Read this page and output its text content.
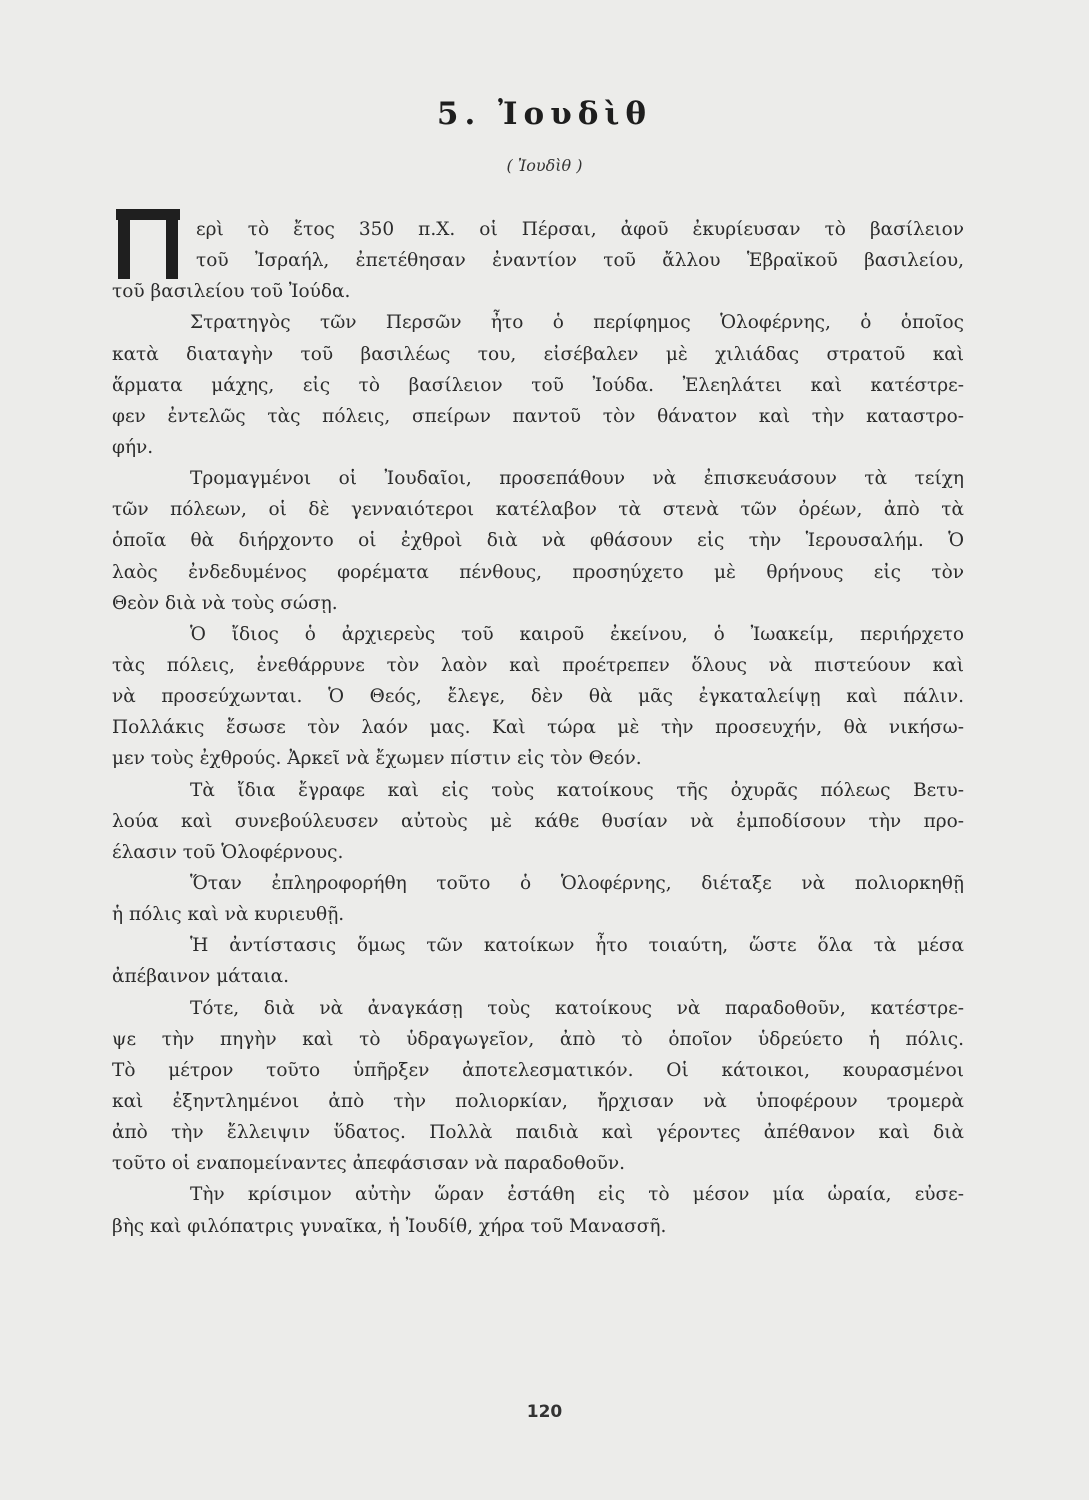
5. Ἰουδὶθ
( Ἰουδὶθ )
Π
ερὶ τὸ ἔτος 350 π.Χ. οἱ Πέρσαι, ἀφοῦ ἐκυρίευσαν τὸ βασίλειον
τοῦ Ἰσραήλ, ἐπετέθησαν ἐναντίον τοῦ ἄλλου Ἑβραϊκοῦ βασιλείου,
τοῦ βασιλείου τοῦ Ἰούδα.
Στρατηγὸς τῶν Περσῶν ἦτο ὁ περίφημος Ὁλοφέρνης, ὁ ὁποῖος
κατὰ διαταγὴν τοῦ βασιλέως του, εἰσέβαλεν μὲ χιλιάδας στρατοῦ καὶ
ἅρματα μάχης, εἰς τὸ βασίλειον τοῦ Ἰούδα. Ἐλεηλάτει καὶ κατέστρε-
φεν ἐντελῶς τὰς πόλεις, σπείρων παντοῦ τὸν θάνατον καὶ τὴν καταστρο-
φήν.
Τρομαγμένοι οἱ Ἰουδαῖοι, προσεπάθουν νὰ ἐπισκευάσουν τὰ τείχη
τῶν πόλεων, οἱ δὲ γενναιότεροι κατέλαβον τὰ στενὰ τῶν ὀρέων, ἀπὸ τὰ
ὁποῖα θὰ διήρχοντο οἱ ἐχθροὶ διὰ νὰ φθάσουν εἰς τὴν Ἱερουσαλήμ. Ὁ
λαὸς ἐνδεδυμένος φορέματα πένθους, προσηύχετο μὲ θρήνους εἰς τὸν
Θεὸν διὰ νὰ τοὺς σώσῃ.
Ὁ ἴδιος ὁ ἀρχιερεὺς τοῦ καιροῦ ἐκείνου, ὁ Ἰωακείμ, περιήρχετο
τὰς πόλεις, ἐνεθάρρυνε τὸν λαὸν καὶ προέτρεπεν ὅλους νὰ πιστεύουν καὶ
νὰ προσεύχωνται. Ὁ Θεός, ἔλεγε, δὲν θὰ μᾶς ἐγκαταλείψῃ καὶ πάλιν.
Πολλάκις ἔσωσε τὸν λαόν μας. Καὶ τώρα μὲ τὴν προσευχήν, θὰ νικήσω-
μεν τοὺς ἐχθρούς. Ἀρκεῖ νὰ ἔχωμεν πίστιν εἰς τὸν Θεόν.
Τὰ ἴδια ἔγραφε καὶ εἰς τοὺς κατοίκους τῆς ὀχυρᾶς πόλεως Βετυ-
λούα καὶ συνεβούλευσεν αὐτοὺς μὲ κάθε θυσίαν νὰ ἐμποδίσουν τὴν προ-
έλασιν τοῦ Ὁλοφέρνους.
Ὅταν ἐπληροφορήθη τοῦτο ὁ Ὁλοφέρνης, διέταξε νὰ πολιορκηθῇ
ἡ πόλις καὶ νὰ κυριευθῇ.
Ἡ ἀντίστασις ὅμως τῶν κατοίκων ἦτο τοιαύτη, ὥστε ὅλα τὰ μέσα
ἀπέβαινον μάταια.
Τότε, διὰ νὰ ἀναγκάσῃ τοὺς κατοίκους νὰ παραδοθοῦν, κατέστρε-
ψε τὴν πηγὴν καὶ τὸ ὑδραγωγεῖον, ἀπὸ τὸ ὁποῖον ὑδρεύετο ἡ πόλις.
Τὸ μέτρον τοῦτο ὑπῆρξεν ἀποτελεσματικόν. Οἱ κάτοικοι, κουρασμένοι
καὶ ἐξηντλημένοι ἀπὸ τὴν πολιορκίαν, ἤρχισαν νὰ ὑποφέρουν τρομερὰ
ἀπὸ τὴν ἔλλειψιν ὕδατος. Πολλὰ παιδιὰ καὶ γέροντες ἀπέθανον καὶ διὰ
τοῦτο οἱ εναπομείναντες ἀπεφάσισαν νὰ παραδοθοῦν.
Τὴν κρίσιμον αὐτὴν ὥραν ἐστάθη εἰς τὸ μέσον μία ὡραία, εὐσε-
βὴς καὶ φιλόπατρις γυναῖκα, ἡ Ἰουδίθ, χήρα τοῦ Μανασσῆ.
120
